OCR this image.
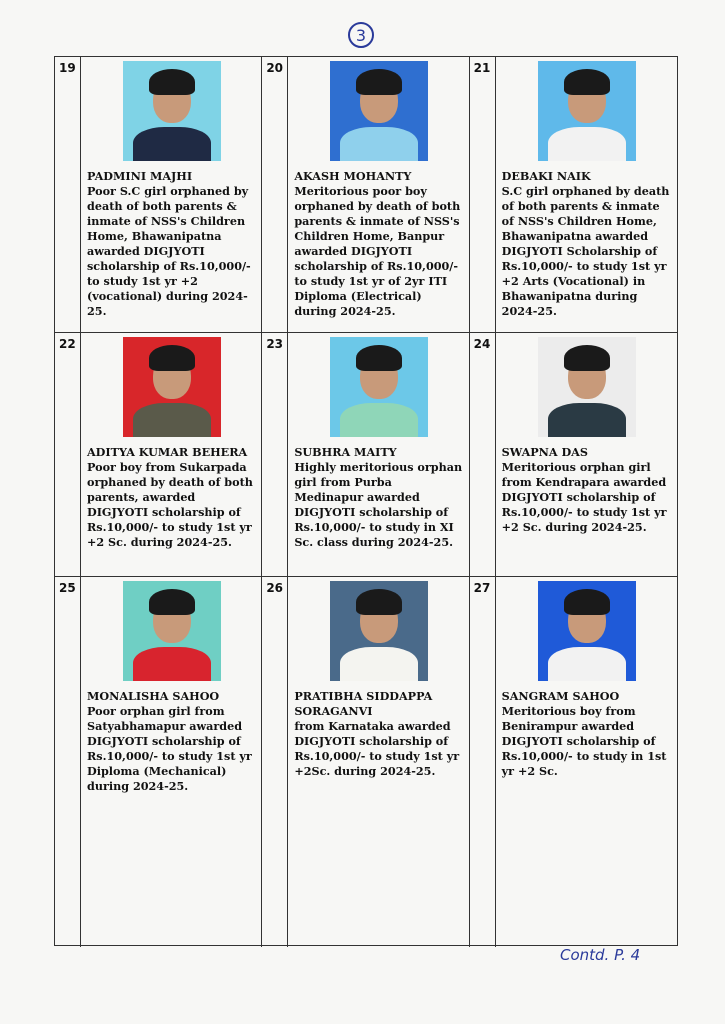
3
19
PADMINI MAJHI
Poor S.C girl orphaned by death of both parents & inmate of NSS's Children Home, Bhawanipatna awarded DIGJYOTI scholarship of Rs.10,000/- to study 1st yr +2 (vocational) during 2024-25.
20
AKASH MOHANTY
Meritorious poor boy orphaned by death of both parents & inmate of NSS's Children Home, Banpur awarded DIGJYOTI scholarship of Rs.10,000/- to study 1st yr of 2yr ITI Diploma (Electrical) during 2024-25.
21
DEBAKI NAIK
S.C girl orphaned by death of both parents & inmate of NSS's Children Home, Bhawanipatna awarded DIGJYOTI Scholarship of Rs.10,000/- to study 1st yr +2 Arts (Vocational) in Bhawanipatna during 2024-25.
22
ADITYA KUMAR BEHERA
Poor boy from Sukarpada orphaned by death of both parents, awarded DIGJYOTI scholarship of Rs.10,000/- to study 1st yr +2 Sc. during 2024-25.
23
SUBHRA MAITY
Highly meritorious orphan girl from Purba Medinapur awarded DIGJYOTI scholarship of Rs.10,000/- to study in XI Sc. class during 2024-25.
24
SWAPNA DAS
Meritorious orphan girl from Kendrapara awarded DIGJYOTI scholarship of Rs.10,000/- to study 1st yr +2 Sc. during 2024-25.
25
MONALISHA SAHOO
Poor orphan girl from Satyabhamapur awarded DIGJYOTI scholarship of Rs.10,000/- to study 1st yr Diploma (Mechanical) during 2024-25.
26
PRATIBHA SIDDAPPA SORAGANVI
from Karnataka awarded DIGJYOTI scholarship of Rs.10,000/- to study 1st yr +2Sc. during 2024-25.
27
SANGRAM SAHOO
Meritorious boy from Benirampur awarded DIGJYOTI scholarship of Rs.10,000/- to study in 1st yr +2 Sc.
Contd. P. 4
